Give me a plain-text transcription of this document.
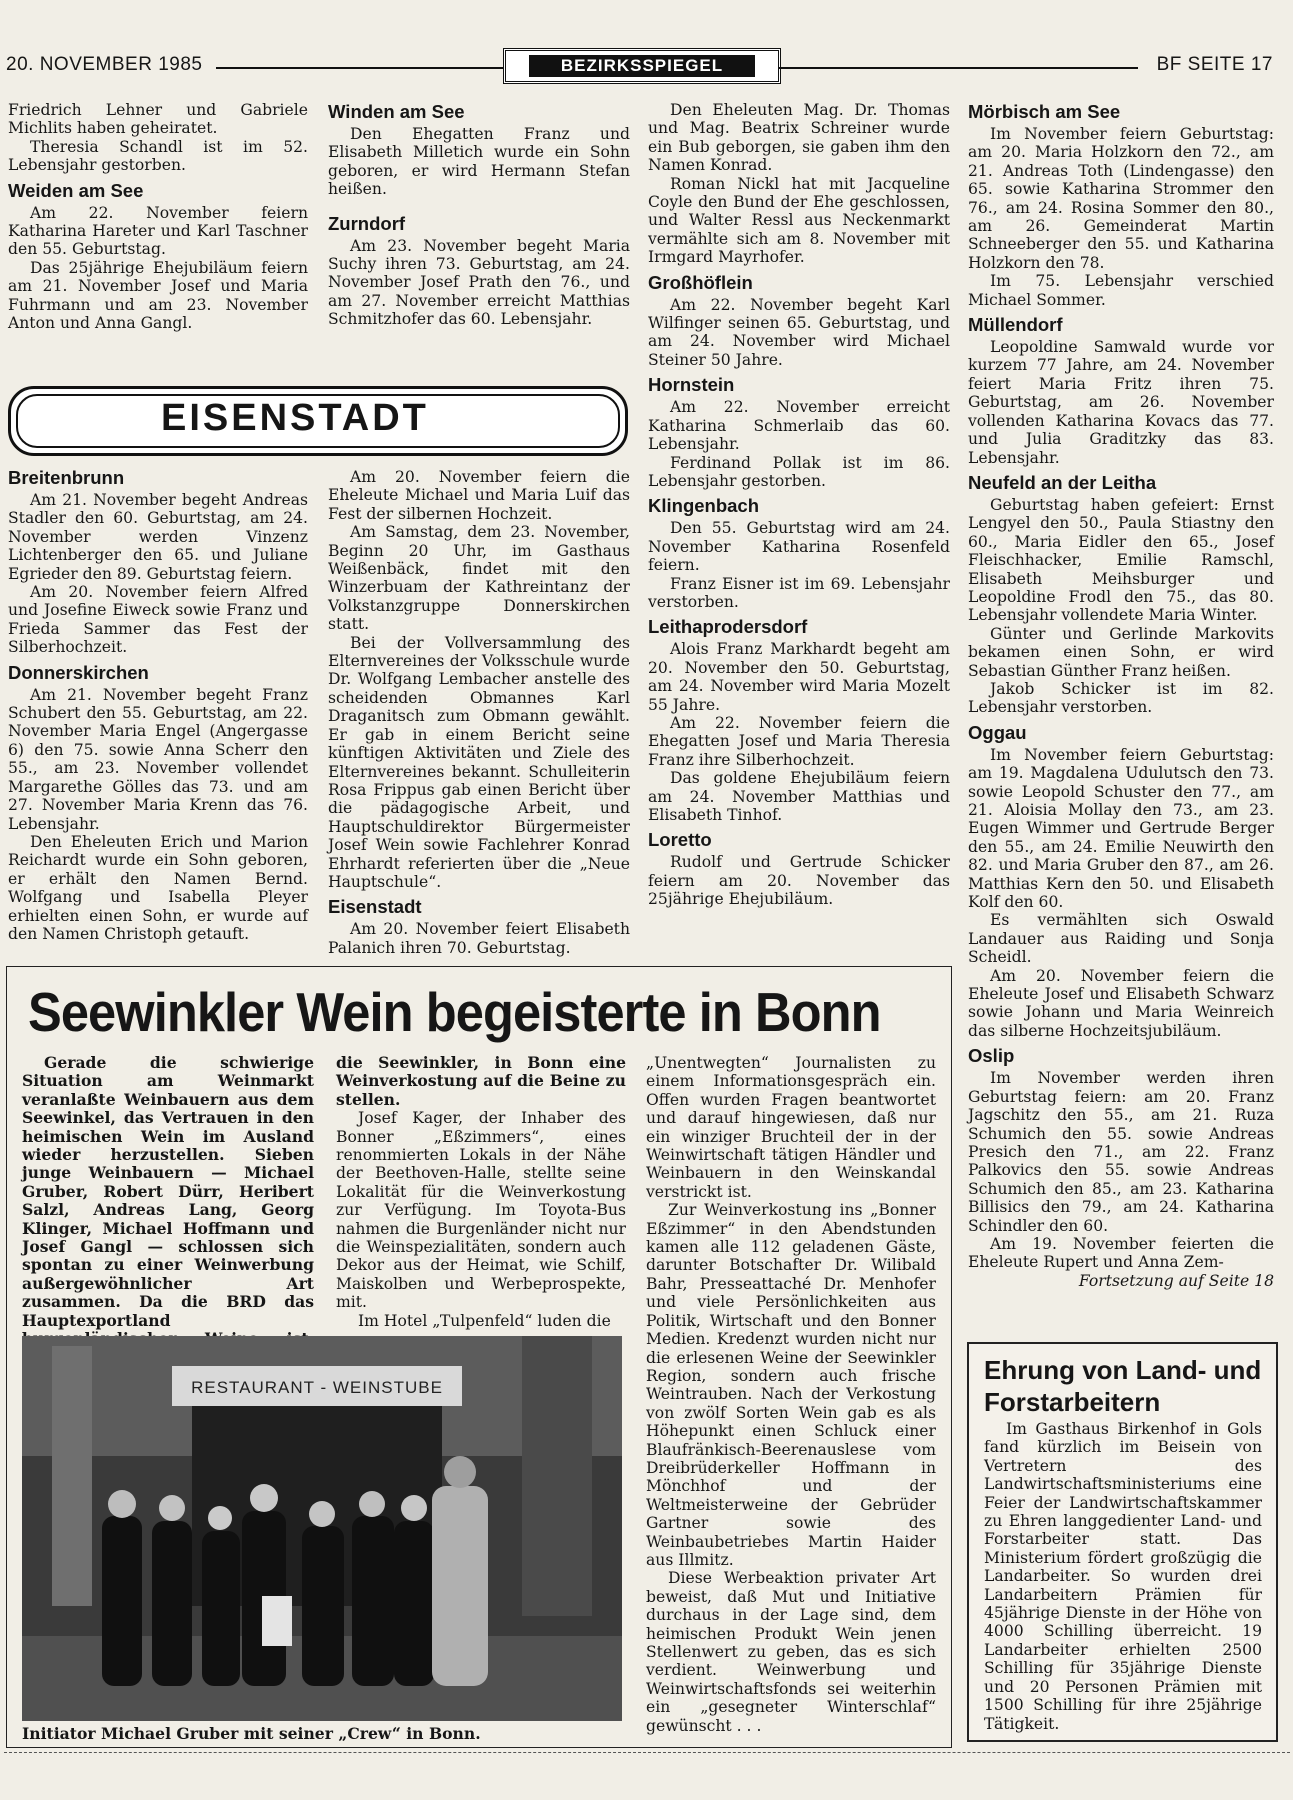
20. NOVEMBER 1985	BEZIRKSSPIEGEL	BF SEITE 17

Friedrich Lehner und Gabriele Michlits haben geheiratet.

Theresia Schandl ist im 52. Lebensjahr gestorben.

Weiden am See

Am 22. November feiern Katharina Hareter und Karl Taschner den 55. Geburtstag.

Das 25jährige Ehejubiläum feiern am 21. November Josef und Maria Fuhrmann und am 23. November Anton und Anna Gangl.

Winden am See

Den Ehegatten Franz und Elisabeth Milletich wurde ein Sohn geboren, er wird Hermann Stefan heißen.

Zurndorf

Am 23. November begeht Maria Suchy ihren 73. Geburtstag, am 24. November Josef Prath den 76., und am 27. November erreicht Matthias Schmitzhofer das 60. Lebensjahr.

EISENSTADT
Breitenbrunn

Am 21. November begeht Andreas Stadler den 60. Geburtstag, am 24. November werden Vinzenz Lichtenberger den 65. und Juliane Egrieder den 89. Geburtstag feiern.

Am 20. November feiern Alfred und Josefine Eiweck sowie Franz und Frieda Sammer das Fest der Silberhochzeit.

Donnerskirchen

Am 21. November begeht Franz Schubert den 55. Geburtstag, am 22. November Maria Engel (Angergasse 6) den 75. sowie Anna Scherr den 55., am 23. November vollendet Margarethe Gölles das 73. und am 27. November Maria Krenn das 76. Lebensjahr.

Den Eheleuten Erich und Marion Reichardt wurde ein Sohn geboren, er erhält den Namen Bernd. Wolfgang und Isabella Pleyer erhielten einen Sohn, er wurde auf den Namen Christoph getauft.

Am 20. November feiern die Eheleute Michael und Maria Luif das Fest der silbernen Hochzeit.

Am Samstag, dem 23. November, Beginn 20 Uhr, im Gasthaus Weißenbäck, findet mit den Winzerbuam der Kathreintanz der Volkstanzgruppe Donnerskirchen statt.

Bei der Vollversammlung des Elternvereines der Volksschule wurde Dr. Wolfgang Lembacher anstelle des scheidenden Obmannes Karl Draganitsch zum Obmann gewählt. Er gab in einem Bericht seine künftigen Aktivitäten und Ziele des Elternvereines bekannt. Schulleiterin Rosa Frippus gab einen Bericht über die pädagogische Arbeit, und Hauptschuldirektor Bürgermeister Josef Wein sowie Fachlehrer Konrad Ehrhardt referierten über die „Neue Hauptschule“.

Eisenstadt

Am 20. November feiert Elisabeth Palanich ihren 70. Geburtstag.

Den Eheleuten Mag. Dr. Thomas und Mag. Beatrix Schreiner wurde ein Bub geborgen, sie gaben ihm den Namen Konrad.

Roman Nickl hat mit Jacqueline Coyle den Bund der Ehe geschlossen, und Walter Ressl aus Neckenmarkt vermählte sich am 8. November mit Irmgard Mayrhofer.

Großhöflein

Am 22. November begeht Karl Wilfinger seinen 65. Geburtstag, und am 24. November wird Michael Steiner 50 Jahre.

Hornstein

Am 22. November erreicht Katharina Schmerlaib das 60. Lebensjahr.

Ferdinand Pollak ist im 86. Lebensjahr gestorben.

Klingenbach

Den 55. Geburtstag wird am 24. November Katharina Rosenfeld feiern.

Franz Eisner ist im 69. Lebensjahr verstorben.

Leithaprodersdorf

Alois Franz Markhardt begeht am 20. November den 50. Geburtstag, am 24. November wird Maria Mozelt 55 Jahre.

Am 22. November feiern die Ehegatten Josef und Maria Theresia Franz ihre Silberhochzeit.

Das goldene Ehejubiläum feiern am 24. November Matthias und Elisabeth Tinhof.

Loretto

Rudolf und Gertrude Schicker feiern am 20. November das 25jährige Ehejubiläum.

Mörbisch am See

Im November feiern Geburtstag: am 20. Maria Holzkorn den 72., am 21. Andreas Toth (Lindengasse) den 65. sowie Katharina Strommer den 76., am 24. Rosina Sommer den 80., am 26. Gemeinderat Martin Schneeberger den 55. und Katharina Holzkorn den 78.

Im 75. Lebensjahr verschied Michael Sommer.

Müllendorf

Leopoldine Samwald wurde vor kurzem 77 Jahre, am 24. November feiert Maria Fritz ihren 75. Geburtstag, am 26. November vollenden Katharina Kovacs das 77. und Julia Graditzky das 83. Lebensjahr.

Neufeld an der Leitha

Geburtstag haben gefeiert: Ernst Lengyel den 50., Paula Stiastny den 60., Maria Eidler den 65., Josef Fleischhacker, Emilie Ramschl, Elisabeth Meihsburger und Leopoldine Frodl den 75., das 80. Lebensjahr vollendete Maria Winter.

Günter und Gerlinde Markovits bekamen einen Sohn, er wird Sebastian Günther Franz heißen.

Jakob Schicker ist im 82. Lebensjahr verstorben.

Oggau

Im November feiern Geburtstag: am 19. Magdalena Udulutsch den 73. sowie Leopold Schuster den 77., am 21. Aloisia Mollay den 73., am 23. Eugen Wimmer und Gertrude Berger den 55., am 24. Emilie Neuwirth den 82. und Maria Gruber den 87., am 26. Matthias Kern den 50. und Elisabeth Kolf den 60.

Es vermählten sich Oswald Landauer aus Raiding und Sonja Scheidl.

Am 20. November feiern die Eheleute Josef und Elisabeth Schwarz sowie Johann und Maria Weinreich das silberne Hochzeitsjubiläum.

Oslip

Im November werden ihren Geburtstag feiern: am 20. Franz Jagschitz den 55., am 21. Ruza Schumich den 55. sowie Andreas Presich den 71., am 22. Franz Palkovics den 55. sowie Andreas Schumich den 85., am 23. Katharina Billisics den 79., am 24. Katharina Schindler den 60.

Am 19. November feierten die Eheleute Rupert und Anna Zem-

Fortsetzung auf Seite 18

Seewinkler Wein begeisterte in Bonn

Gerade die schwierige Situation am Weinmarkt veranlaßte Weinbauern aus dem Seewinkel, das Vertrauen in den heimischen Wein im Ausland wieder herzustellen. Sieben junge Weinbauern — Michael Gruber, Robert Dürr, Heribert Salzl, Andreas Lang, Georg Klinger, Michael Hoffmann und Josef Gangl — schlossen sich spontan zu einer Weinwerbung außergewöhnlicher Art zusammen. Da die BRD das Hauptexportland

die Seewinkler, in Bonn eine Weinverkostung auf die Beine zu stellen.

Josef Kager, der Inhaber des Bonner „Eßzimmers“, eines renommierten Lokals in der Nähe der Beethoven-Halle, stellte seine Lokalität für die Weinverkostung zur Verfügung. Im Toyota-Bus nahmen die Burgenländer nicht nur die Weinspezialitäten, sondern auch Dekor aus der Heimat, wie Schilf, Maiskolben und Werbeprospekte, mit.

Im Hotel „Tulpenfeld“ luden die

„Unentwegten“ Journalisten zu einem Informationsgespräch ein. Offen wurden Fragen beantwortet und darauf hingewiesen, daß nur ein winziger Bruchteil der in der Weinwirtschaft tätigen Händler und Weinbauern in den Weinskandal verstrickt ist.

Zur Weinverkostung ins „Bonner Eßzimmer“ in den Abendstunden kamen alle 112 geladenen Gäste, darunter Botschafter Dr. Wilibald Bahr, Presseattaché Dr. Menhofer und viele Persönlichkeiten aus Politik, Wirtschaft und den Bonner Medien. Kredenzt wurden nicht nur die erlesenen Weine der Seewinkler Region, sondern auch frische Weintrauben. Nach der Verkostung von zwölf Sorten Wein gab es als Höhepunkt einen Schluck einer Blaufränkisch-Beerenauslese vom Dreibrüderkeller Hoffmann in Mönchhof und der Weltmeisterweine der Gebrüder Gartner sowie des Weinbaubetriebes Martin Haider aus Illmitz.

Diese Werbeaktion privater Art beweist, daß Mut und Initiative durchaus in der Lage sind, dem heimischen Produkt Wein jenen Stellenwert zu geben, das es sich verdient. Weinwerbung und Weinwirtschaftsfonds sei weiterhin ein „gesegneter Winterschlaf“ gewünscht . . .

RESTAURANT - WEINSTUBE
Initiator Michael Gruber mit seiner „Crew“ in Bonn.
Ehrung von Land- und Forstarbeitern

Im Gasthaus Birkenhof in Gols fand kürzlich im Beisein von Vertretern des Landwirtschaftsministeriums eine Feier der Landwirtschaftskammer zu Ehren langgedienter Land- und Forstarbeiter statt. Das Ministerium fördert großzügig die Landarbeiter. So wurden drei Landarbeitern Prämien für 45jährige Dienste in der Höhe von 4000 Schilling überreicht. 19 Landarbeiter erhielten 2500 Schilling für 35jährige Dienste und 20 Personen Prämien mit 1500 Schilling für ihre 25jährige Tätigkeit.
